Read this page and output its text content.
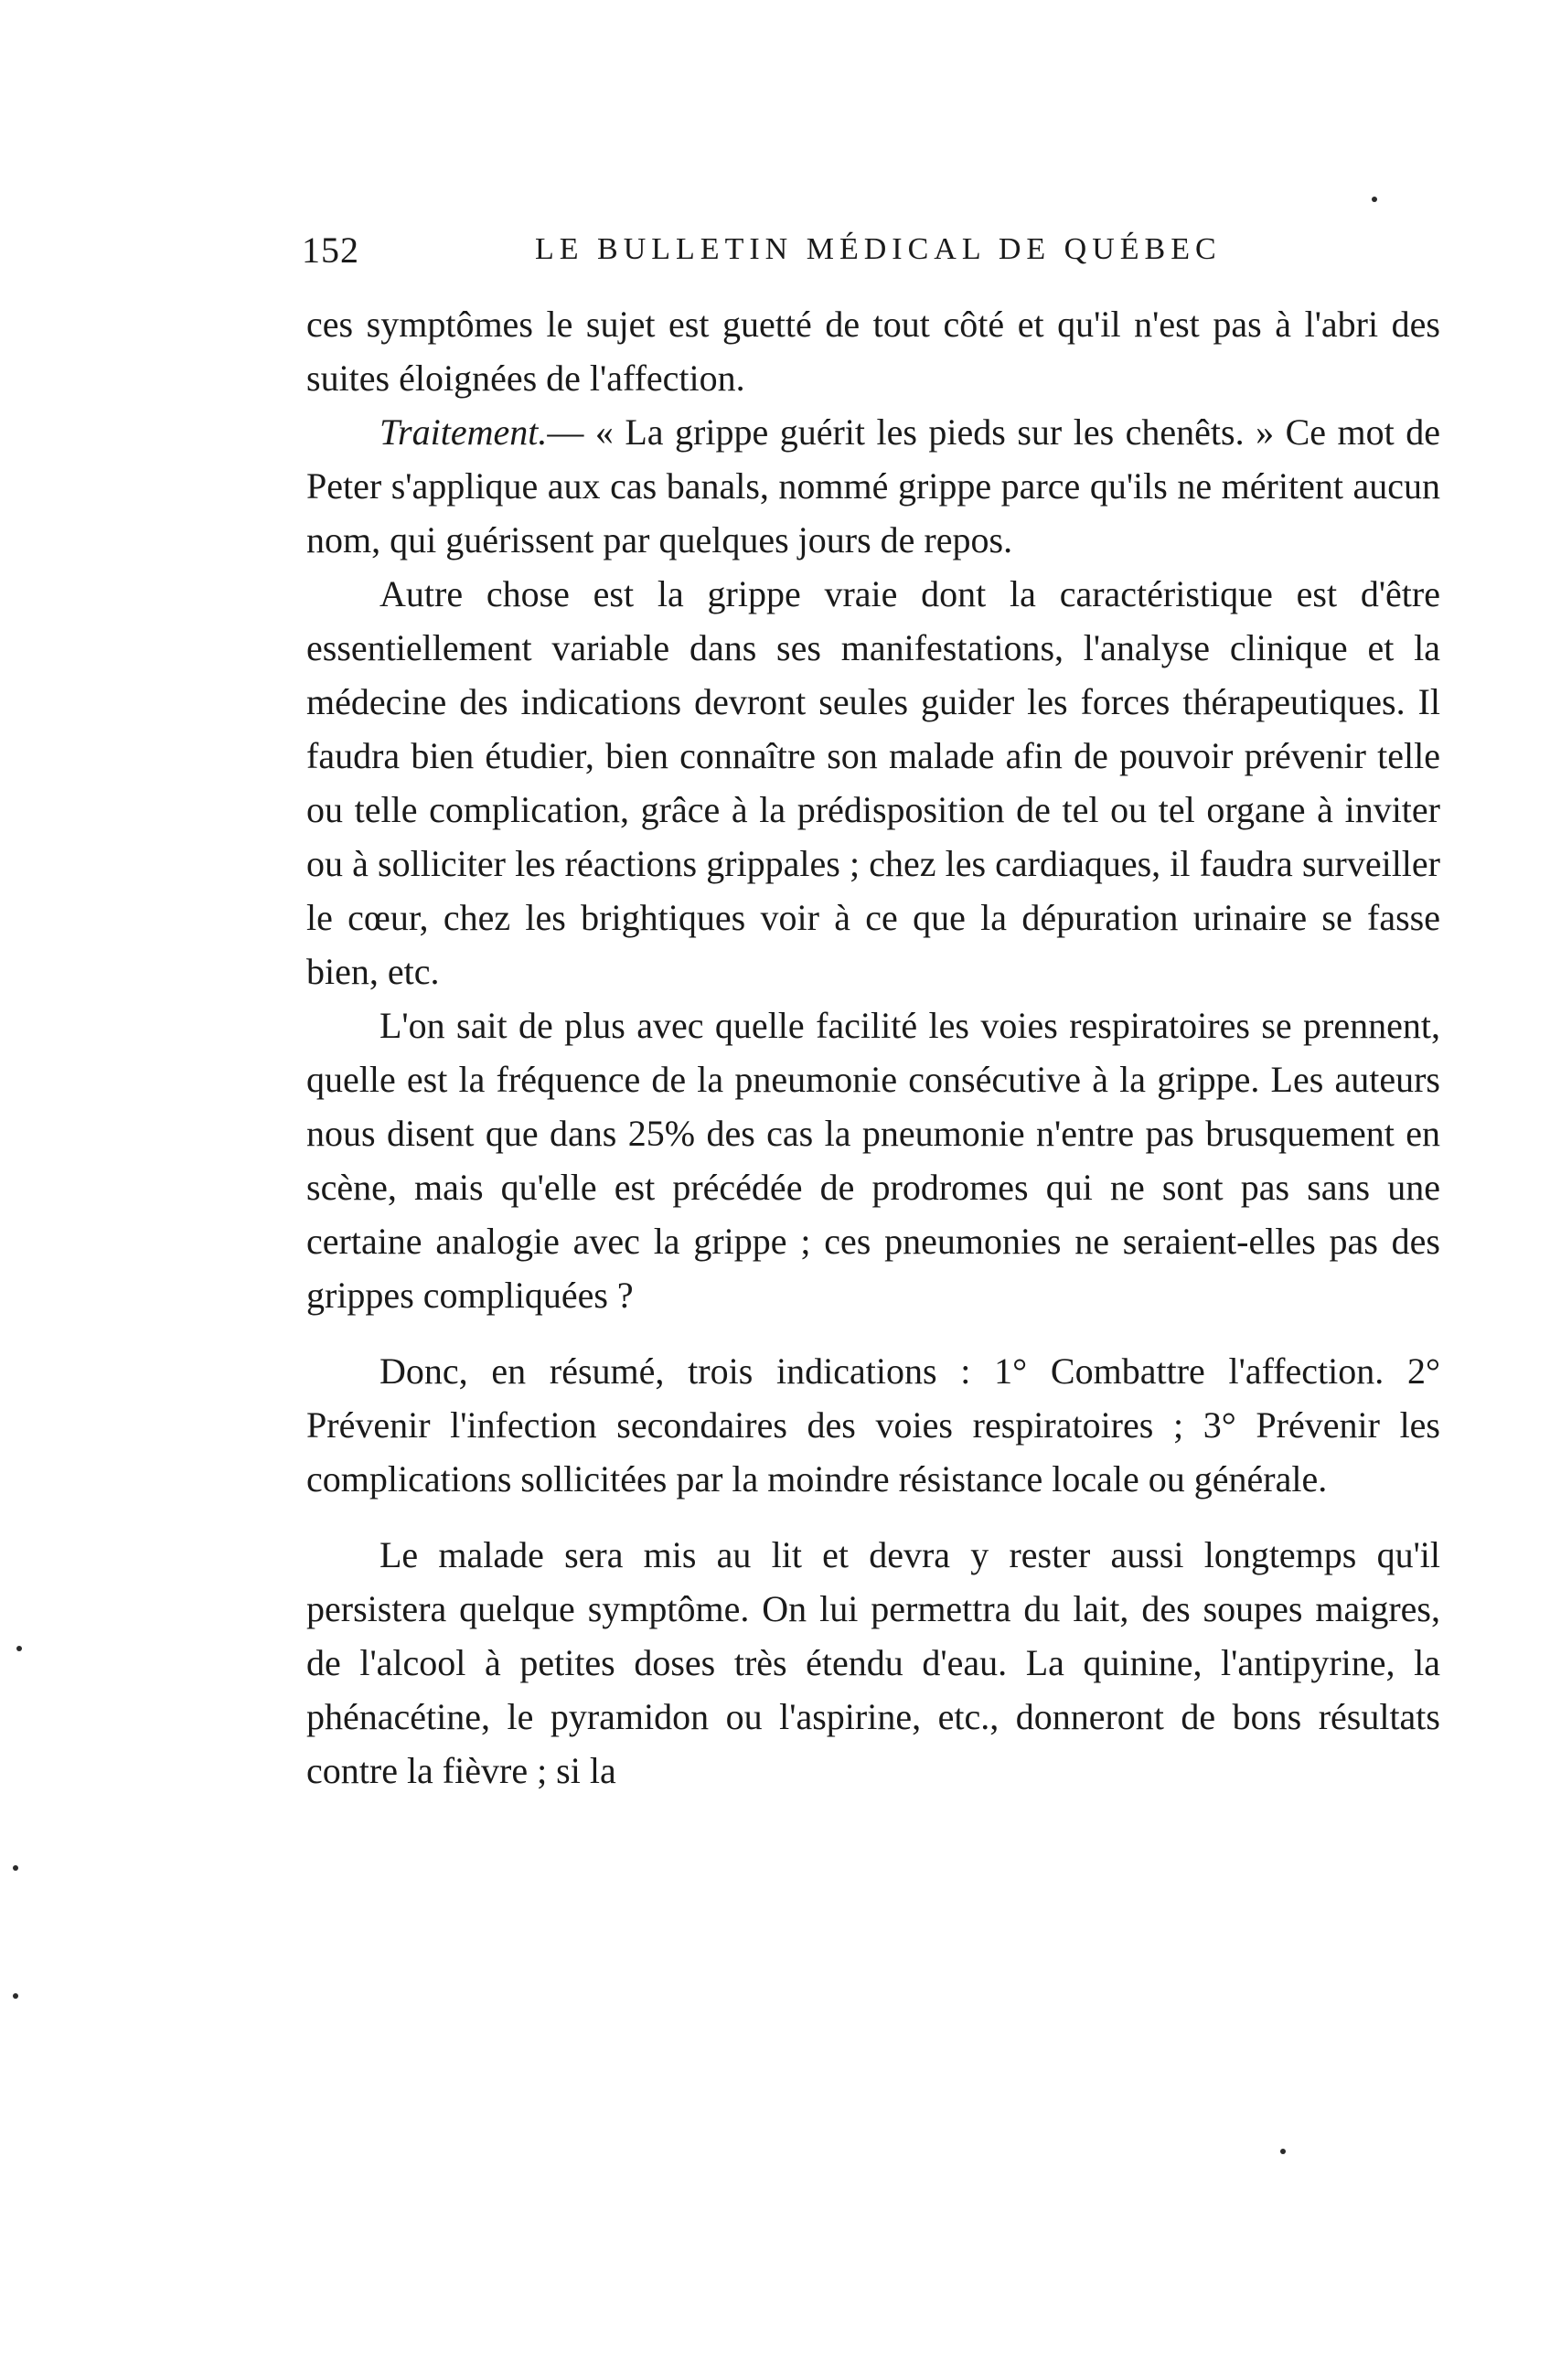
152	LE BULLETIN MÉDICAL DE QUÉBEC

ces symptômes le sujet est guetté de tout côté et qu'il n'est pas à l'abri des suites éloignées de l'affection.

Traitement.— « La grippe guérit les pieds sur les chenêts. » Ce mot de Peter s'applique aux cas banals, nommé grippe parce qu'ils ne méritent aucun nom, qui guérissent par quelques jours de repos.

Autre chose est la grippe vraie dont la caractéristique est d'être essentiellement variable dans ses manifestations, l'analyse clinique et la médecine des indications devront seules guider les forces thérapeutiques. Il faudra bien étudier, bien connaître son malade afin de pouvoir prévenir telle ou telle complication, grâce à la prédisposition de tel ou tel organe à inviter ou à solliciter les réactions grippales ; chez les cardiaques, il faudra surveiller le cœur, chez les brightiques voir à ce que la dépuration urinaire se fasse bien, etc.

L'on sait de plus avec quelle facilité les voies respiratoires se prennent, quelle est la fréquence de la pneumonie consécutive à la grippe. Les auteurs nous disent que dans 25% des cas la pneumonie n'entre pas brusquement en scène, mais qu'elle est précédée de prodromes qui ne sont pas sans une certaine analogie avec la grippe ; ces pneumonies ne seraient-elles pas des grippes compliquées ?

Donc, en résumé, trois indications : 1° Combattre l'affection. 2° Prévenir l'infection secondaires des voies respiratoires ; 3° Prévenir les complications sollicitées par la moindre résistance locale ou générale.

Le malade sera mis au lit et devra y rester aussi longtemps qu'il persistera quelque symptôme. On lui permettra du lait, des soupes maigres, de l'alcool à petites doses très étendu d'eau. La quinine, l'antipyrine, la phénacétine, le pyramidon ou l'aspirine, etc., donneront de bons résultats contre la fièvre ; si la
